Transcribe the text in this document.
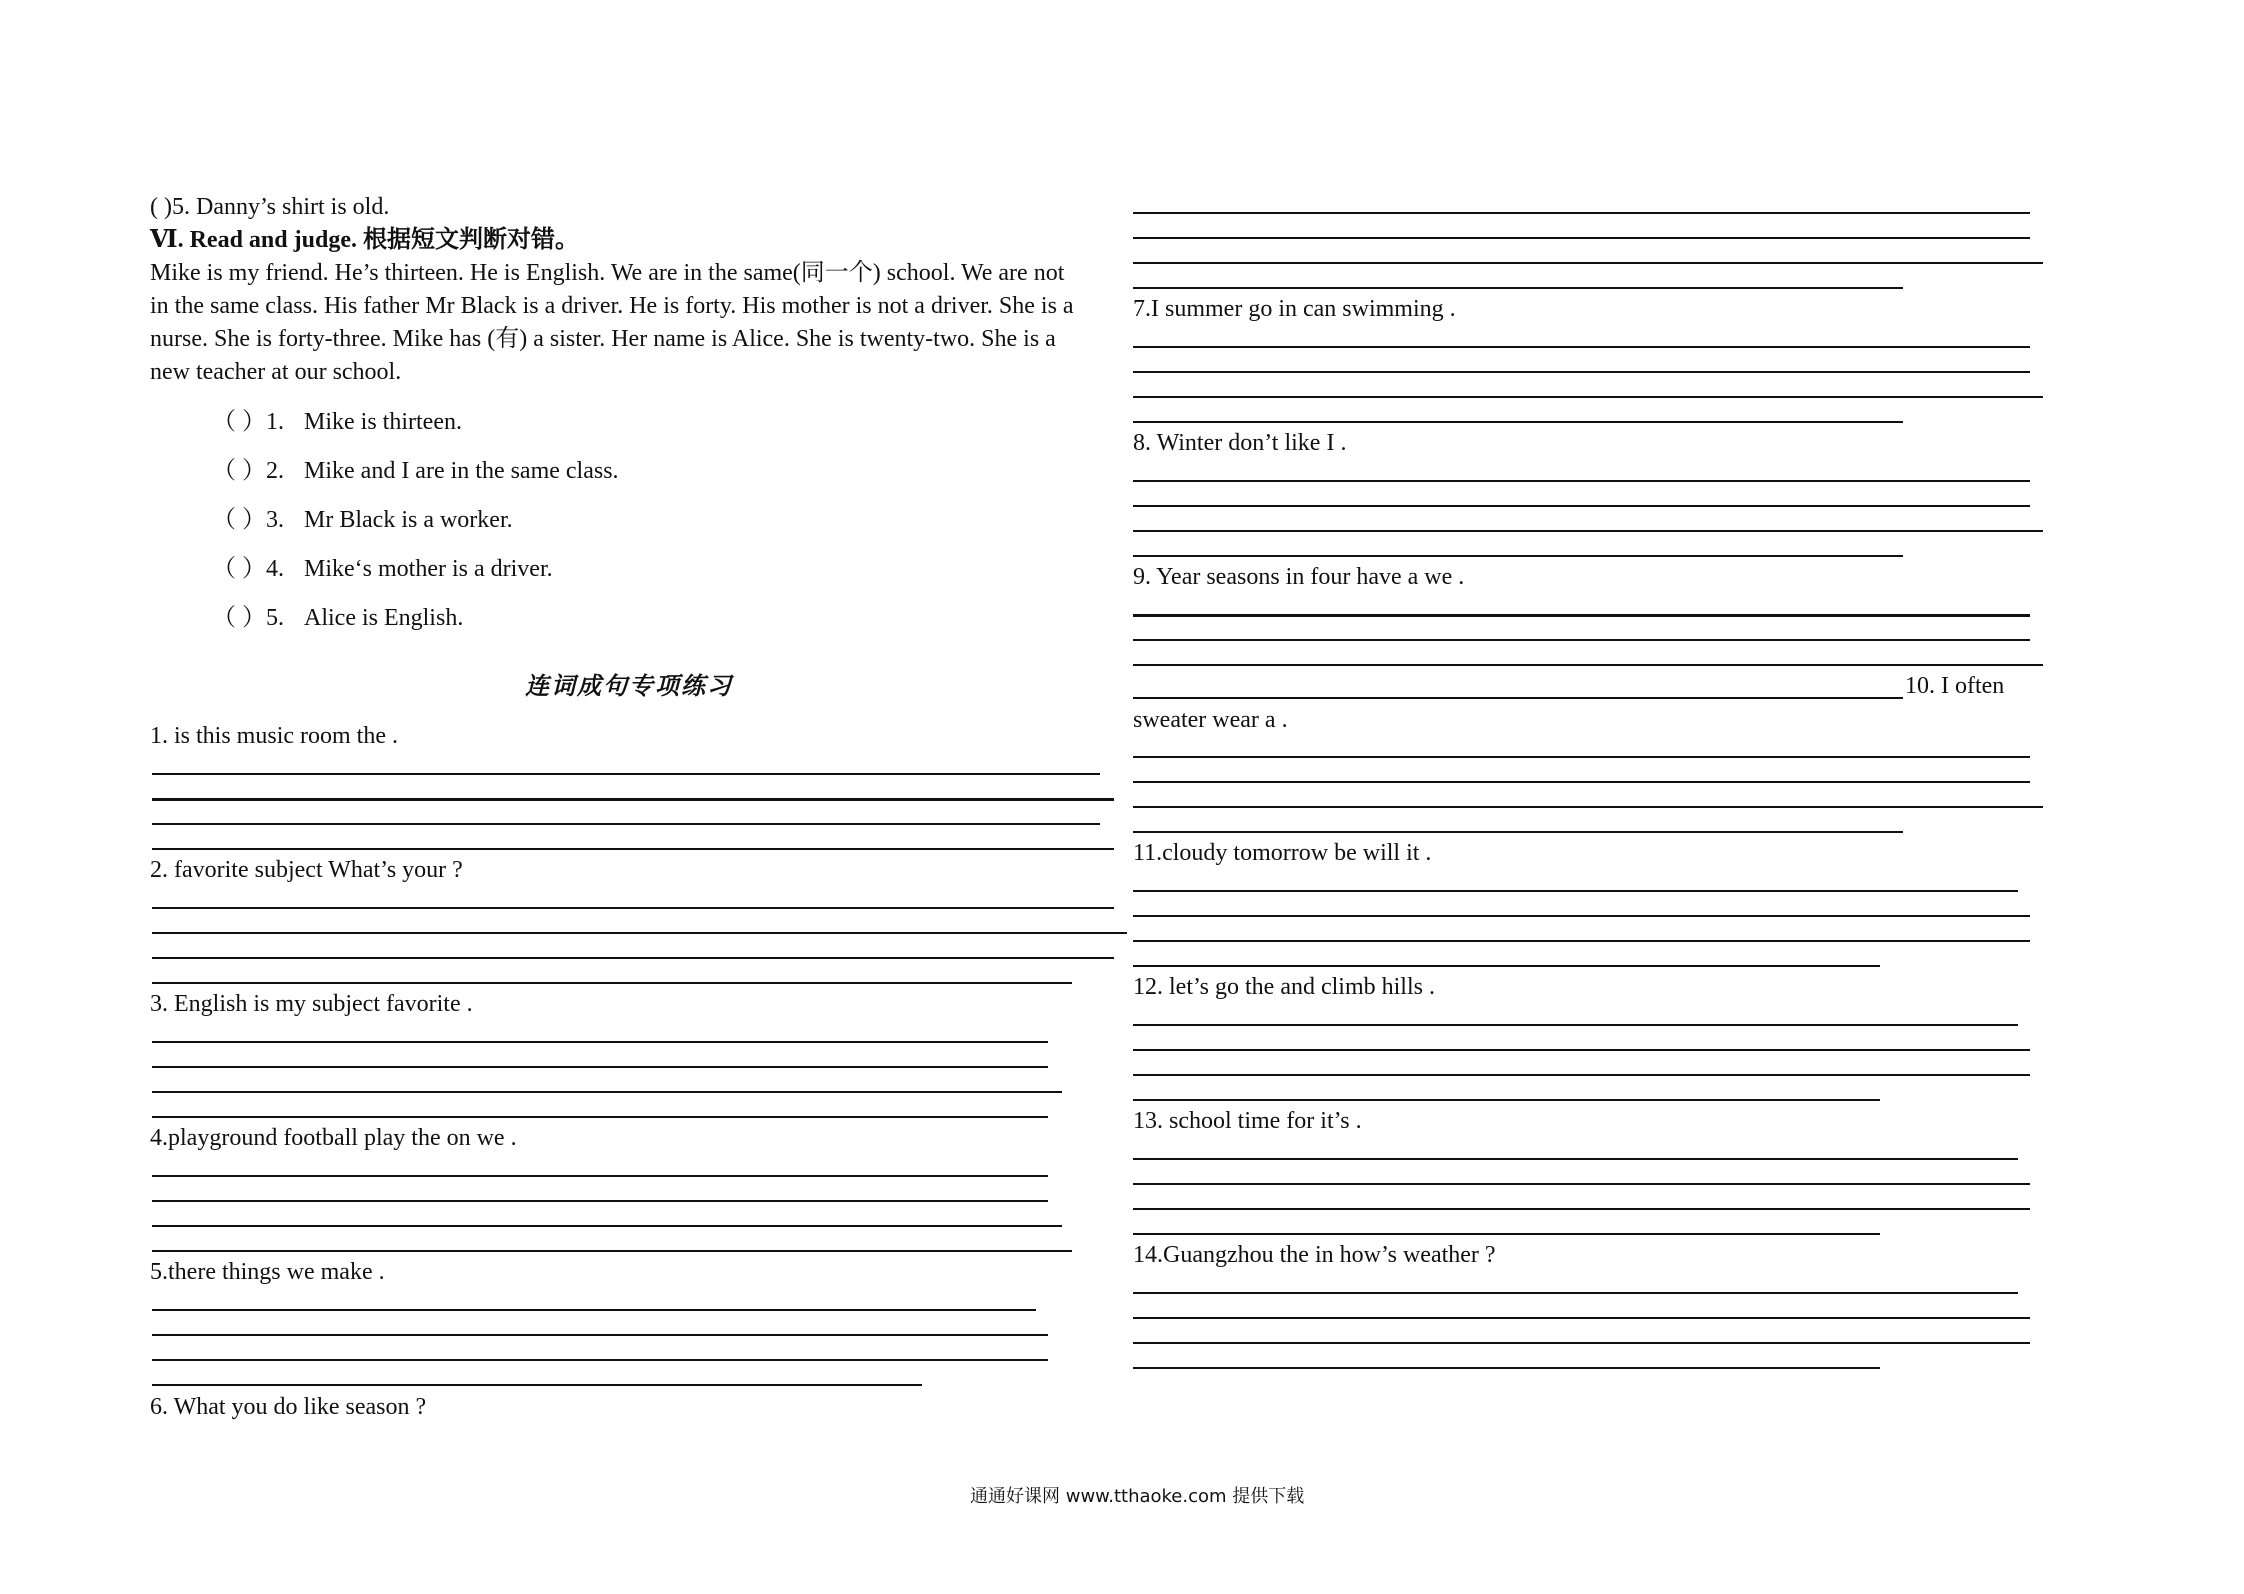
( )5. Danny’s shirt is old.
Ⅵ. Read and judge. 根据短文判断对错。
Mike is my friend. He’s thirteen. He is English. We are in the same(同一个) school. We are not
in the same class. His father Mr Black is a driver. He is forty. His mother is not a driver. She is a
nurse. She is forty-three. Mike has (有) a sister. Her name is Alice. She is twenty-two. She is a
new teacher at our school.
（ ）1. Mike is thirteen.
（ ）2. Mike and I are in the same class.
（ ）3. Mr Black is a worker.
（ ）4. Mike‘s mother is a driver.
（ ）5. Alice is English.
连词成句专项练习
1. is this music room the .
2. favorite subject What’s your ?
3. English is my subject favorite .
4.playground football play the on we .
5.there things we make .
6. What you do like season ?
7.I summer go in can swimming .
8. Winter don’t like I .
9. Year seasons in four have a we .
10. I often
sweater wear a .
11.cloudy tomorrow be will it .
12. let’s go the and climb hills .
13. school time for it’s .
14.Guangzhou the in how’s weather ?
通通好课网 www.tthaoke.com 提供下载
